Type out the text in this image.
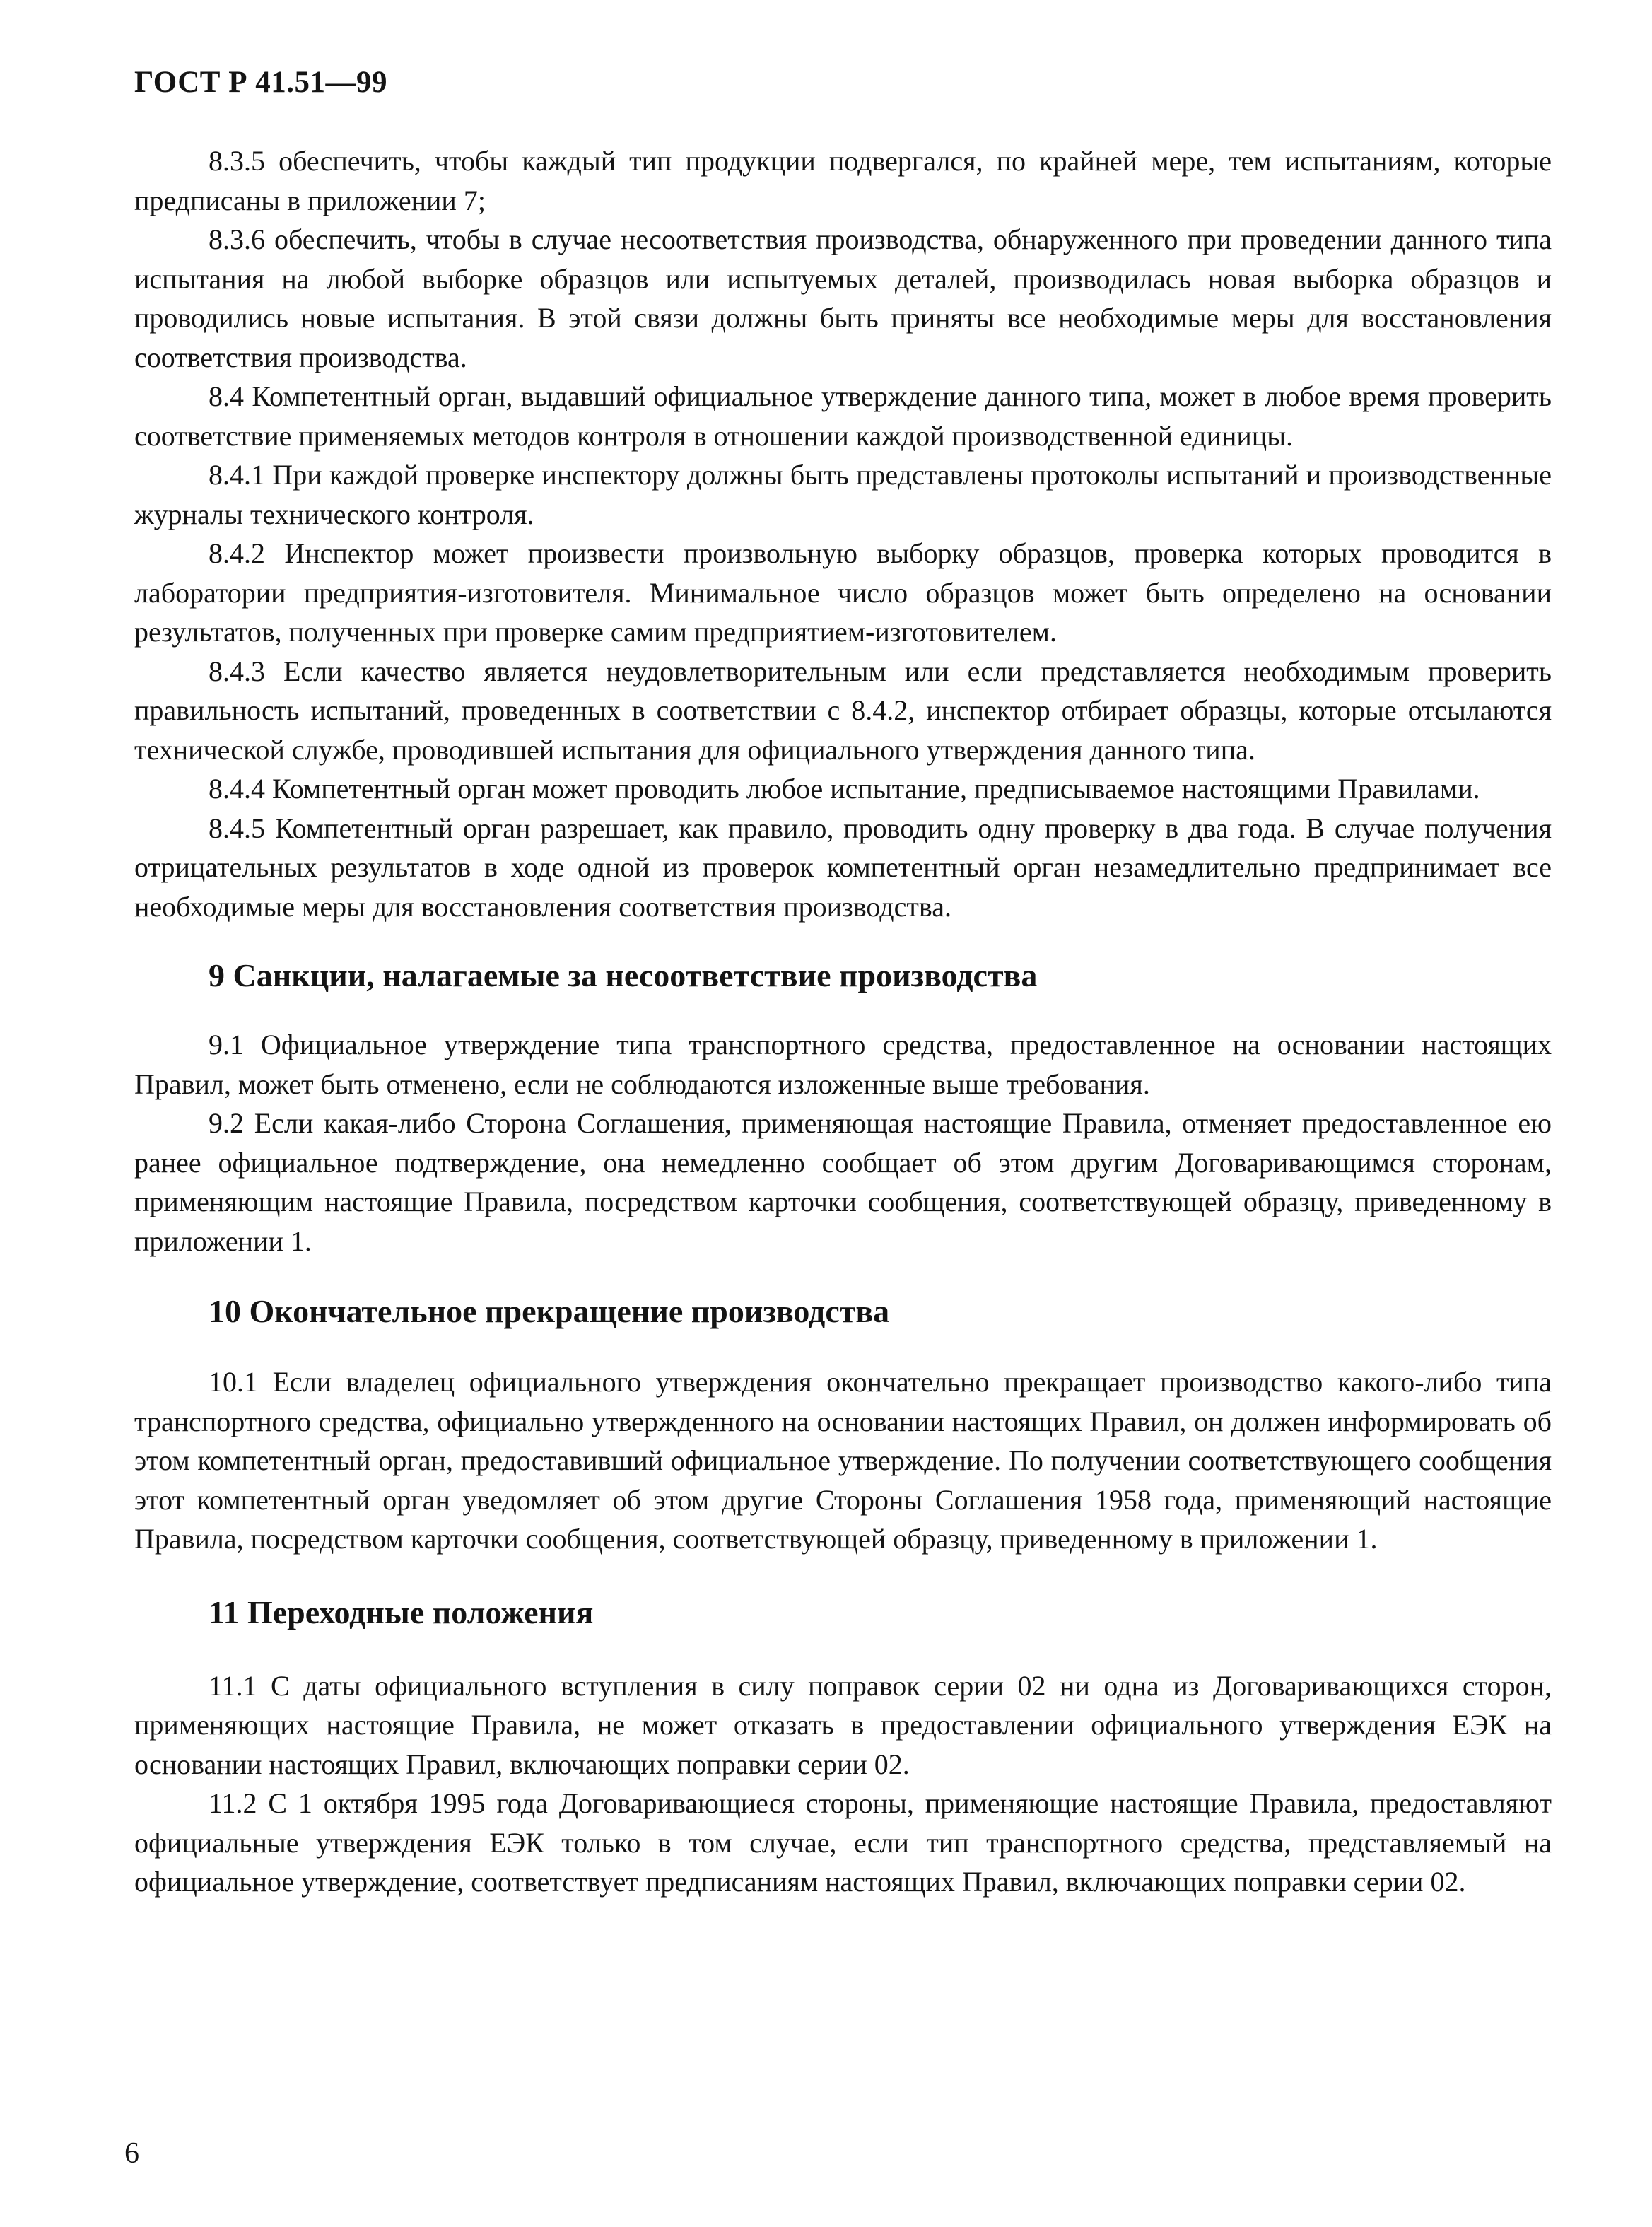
ГОСТ Р 41.51—99

8.3.5 обеспечить, чтобы каждый тип продукции подвергался, по крайней мере, тем испытаниям, которые предписаны в приложении 7;

8.3.6 обеспечить, чтобы в случае несоответствия производства, обнаруженного при проведении данного типа испытания на любой выборке образцов или испытуемых деталей, производилась новая выборка образцов и проводились новые испытания. В этой связи должны быть приняты все необходимые меры для восстановления соответствия производства.

8.4 Компетентный орган, выдавший официальное утверждение данного типа, может в любое время проверить соответствие применяемых методов контроля в отношении каждой производственной единицы.

8.4.1 При каждой проверке инспектору должны быть представлены протоколы испытаний и производственные журналы технического контроля.

8.4.2 Инспектор может произвести произвольную выборку образцов, проверка которых проводится в лаборатории предприятия-изготовителя. Минимальное число образцов может быть определено на основании результатов, полученных при проверке самим предприятием-изготовителем.

8.4.3 Если качество является неудовлетворительным или если представляется необходимым проверить правильность испытаний, проведенных в соответствии с 8.4.2, инспектор отбирает образцы, которые отсылаются технической службе, проводившей испытания для официального утверждения данного типа.

8.4.4 Компетентный орган может проводить любое испытание, предписываемое настоящими Правилами.

8.4.5 Компетентный орган разрешает, как правило, проводить одну проверку в два года. В случае получения отрицательных результатов в ходе одной из проверок компетентный орган незамедлительно предпринимает все необходимые меры для восстановления соответствия производства.

9 Санкции, налагаемые за несоответствие производства

9.1 Официальное утверждение типа транспортного средства, предоставленное на основании настоящих Правил, может быть отменено, если не соблюдаются изложенные выше требования.

9.2 Если какая-либо Сторона Соглашения, применяющая настоящие Правила, отменяет предоставленное ею ранее официальное подтверждение, она немедленно сообщает об этом другим Договаривающимся сторонам, применяющим настоящие Правила, посредством карточки сообщения, соответствующей образцу, приведенному в приложении 1.

10 Окончательное прекращение производства

10.1 Если владелец официального утверждения окончательно прекращает производство какого-либо типа транспортного средства, официально утвержденного на основании настоящих Правил, он должен информировать об этом компетентный орган, предоставивший официальное утверждение. По получении соответствующего сообщения этот компетентный орган уведомляет об этом другие Стороны Соглашения 1958 года, применяющий настоящие Правила, посредством карточки сообщения, соответствующей образцу, приведенному в приложении 1.

11 Переходные положения

11.1 С даты официального вступления в силу поправок серии 02 ни одна из Договаривающихся сторон, применяющих настоящие Правила, не может отказать в предоставлении официального утверждения ЕЭК на основании настоящих Правил, включающих поправки серии 02.

11.2 С 1 октября 1995 года Договаривающиеся стороны, применяющие настоящие Правила, предоставляют официальные утверждения ЕЭК только в том случае, если тип транспортного средства, представляемый на официальное утверждение, соответствует предписаниям настоящих Правил, включающих поправки серии 02.

6
